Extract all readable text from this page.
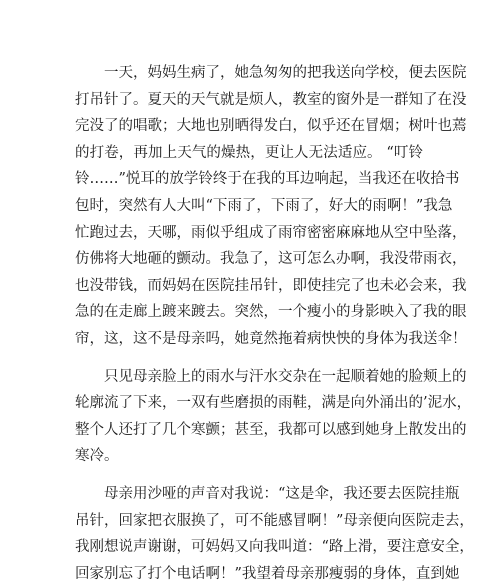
一天，妈妈生病了，她急匆匆的把我送向学校，便去医院
打吊针了。夏天的天气就是烦人，教室的窗外是一群知了在没
完没了的唱歌；大地也别晒得发白，似乎还在冒烟；树叶也蔫
的打卷，再加上天气的燥热，更让人无法适应。 “叮铃
铃……”悦耳的放学铃终于在我的耳边响起，当我还在收拾书
包时，突然有人大叫“下雨了，下雨了，好大的雨啊！”我急
忙跑过去，天哪，雨似乎组成了雨帘密密麻麻地从空中坠落，
仿佛将大地砸的颤动。我急了，这可怎么办啊，我没带雨衣，
也没带钱，而妈妈在医院挂吊针，即使挂完了也未必会来，我
急的在走廊上踱来踱去。突然，一个瘦小的身影映入了我的眼
帘，这，这不是母亲吗，她竟然拖着病怏怏的身体为我送伞！
只见母亲脸上的雨水与汗水交杂在一起顺着她的脸颊上的
轮廓流了下来，一双有些磨损的雨鞋，满是向外涌出的’泥水，
整个人还打了几个寒颤；甚至，我都可以感到她身上散发出的
寒冷。
母亲用沙哑的声音对我说：“这是伞，我还要去医院挂瓶
吊针，回家把衣服换了，可不能感冒啊！”母亲便向医院走去，
我刚想说声谢谢，可妈妈又向我叫道：“路上滑，要注意安全，
回家别忘了打个电话啊！”我望着母亲那瘦弱的身体，直到她
